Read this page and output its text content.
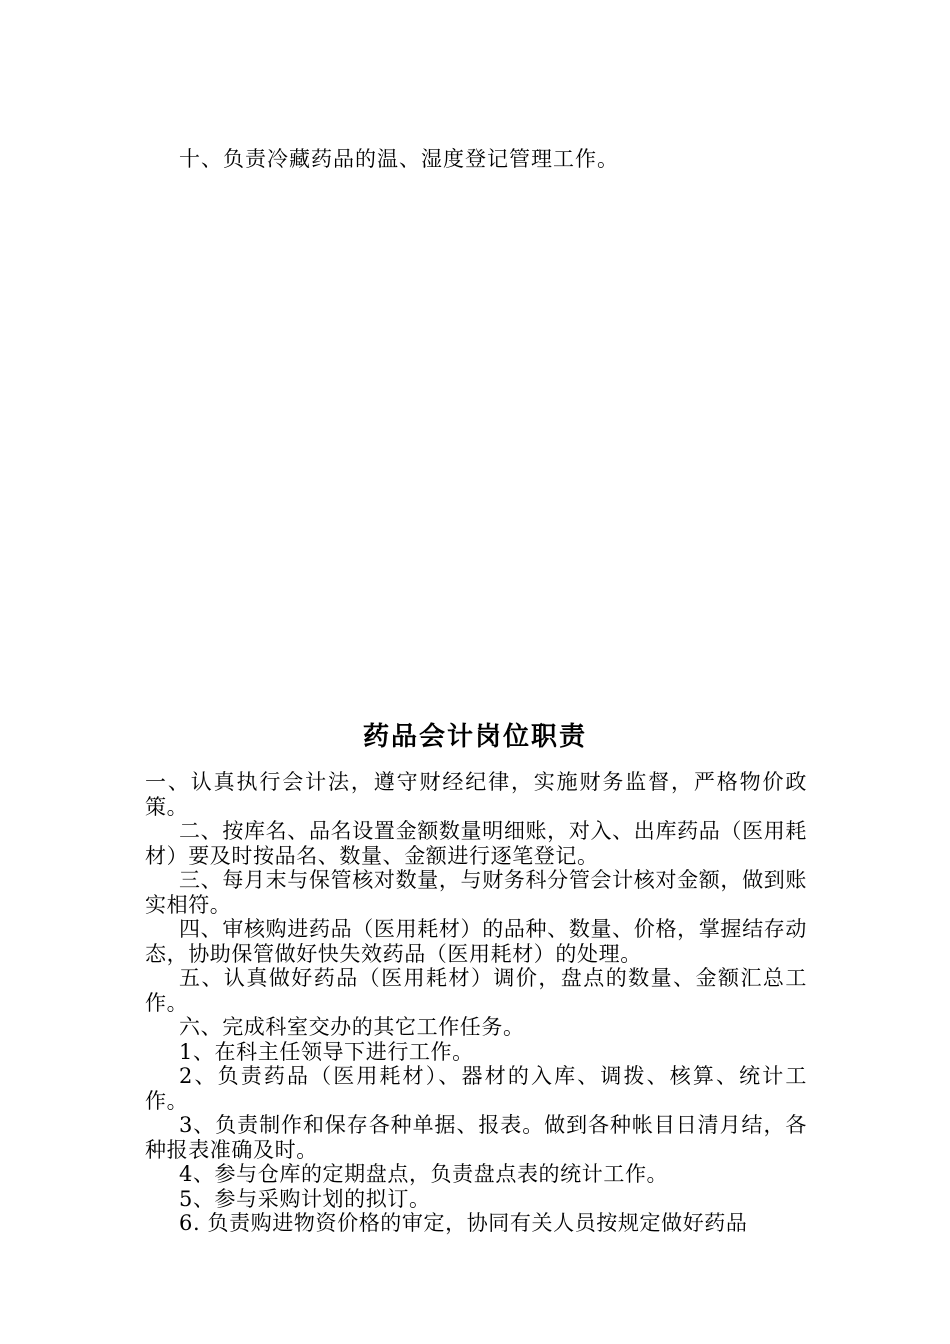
十、负责冷藏药品的温、湿度登记管理工作。

药品会计岗位职责

一、认真执行会计法，遵守财经纪律，实施财务监督，严格物价政策。

二、按库名、品名设置金额数量明细账，对入、出库药品（医用耗材）要及时按品名、数量、金额进行逐笔登记。

三、每月末与保管核对数量，与财务科分管会计核对金额，做到账实相符。

四、审核购进药品（医用耗材）的品种、数量、价格，掌握结存动态，协助保管做好快失效药品（医用耗材）的处理。

五、认真做好药品（医用耗材）调价，盘点的数量、金额汇总工作。

六、完成科室交办的其它工作任务。

1、在科主任领导下进行工作。

2、负责药品（医用耗材）、器材的入库、调拨、核算、统计工作。

3、负责制作和保存各种单据、报表。做到各种帐目日清月结，各种报表准确及时。

4、参与仓库的定期盘点，负责盘点表的统计工作。

5、参与采购计划的拟订。

6. 负责购进物资价格的审定，协同有关人员按规定做好药品
